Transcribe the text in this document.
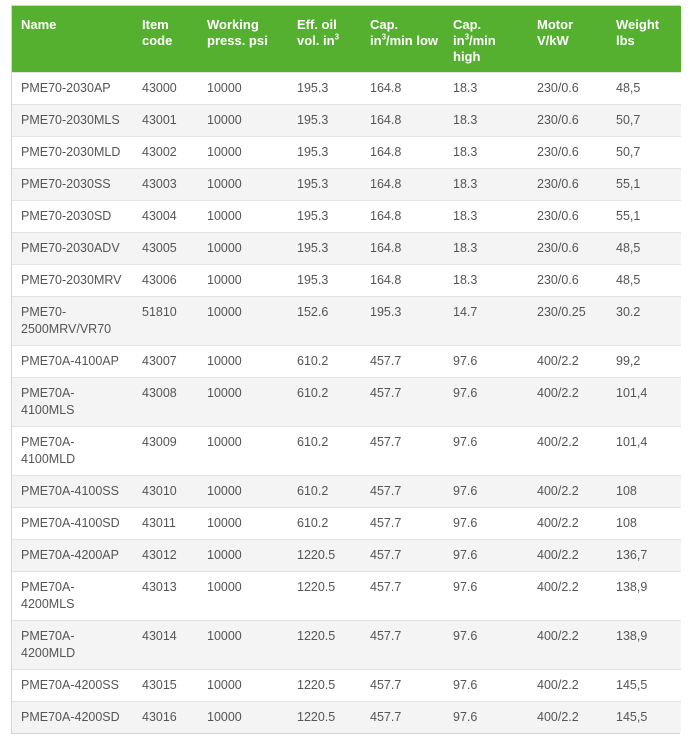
Name	Item code	Working press. psi	Eff. oil vol. $in^3$	Cap. $in^3/\min$ low	Cap. $in^3/\min$ high	Motor V/kW	Weight lbs
PME70-2030AP	43000	10000	195.3	164.8	18.3	230/0.6	48,5
PME70-2030MLS	43001	10000	195.3	164.8	18.3	230/0.6	50,7
PME70-2030MLD	43002	10000	195.3	164.8	18.3	230/0.6	50,7
PME70-2030SS	43003	10000	195.3	164.8	18.3	230/0.6	55,1
PME70-2030SD	43004	10000	195.3	164.8	18.3	230/0.6	55,1
PME70-2030ADV	43005	10000	195.3	164.8	18.3	230/0.6	48,5
PME70-2030MRV	43006	10000	195.3	164.8	18.3	230/0.6	48,5
PME70-2500MRV/VR70	51810	10000	152.6	195.3	14.7	230/0.25	30.2
PME70A-4100AP	43007	10000	610.2	457.7	97.6	400/2.2	99,2
PME70A-4100MLS	43008	10000	610.2	457.7	97.6	400/2.2	101,4
PME70A-4100MLD	43009	10000	610.2	457.7	97.6	400/2.2	101,4
PME70A-4100SS	43010	10000	610.2	457.7	97.6	400/2.2	108
PME70A-4100SD	43011	10000	610.2	457.7	97.6	400/2.2	108
PME70A-4200AP	43012	10000	1220.5	457.7	97.6	400/2.2	136,7
PME70A-4200MLS	43013	10000	1220.5	457.7	97.6	400/2.2	138,9
PME70A-4200MLD	43014	10000	1220.5	457.7	97.6	400/2.2	138,9
PME70A-4200SS	43015	10000	1220.5	457.7	97.6	400/2.2	145,5
PME70A-4200SD	43016	10000	1220.5	457.7	97.6	400/2.2	145,5
